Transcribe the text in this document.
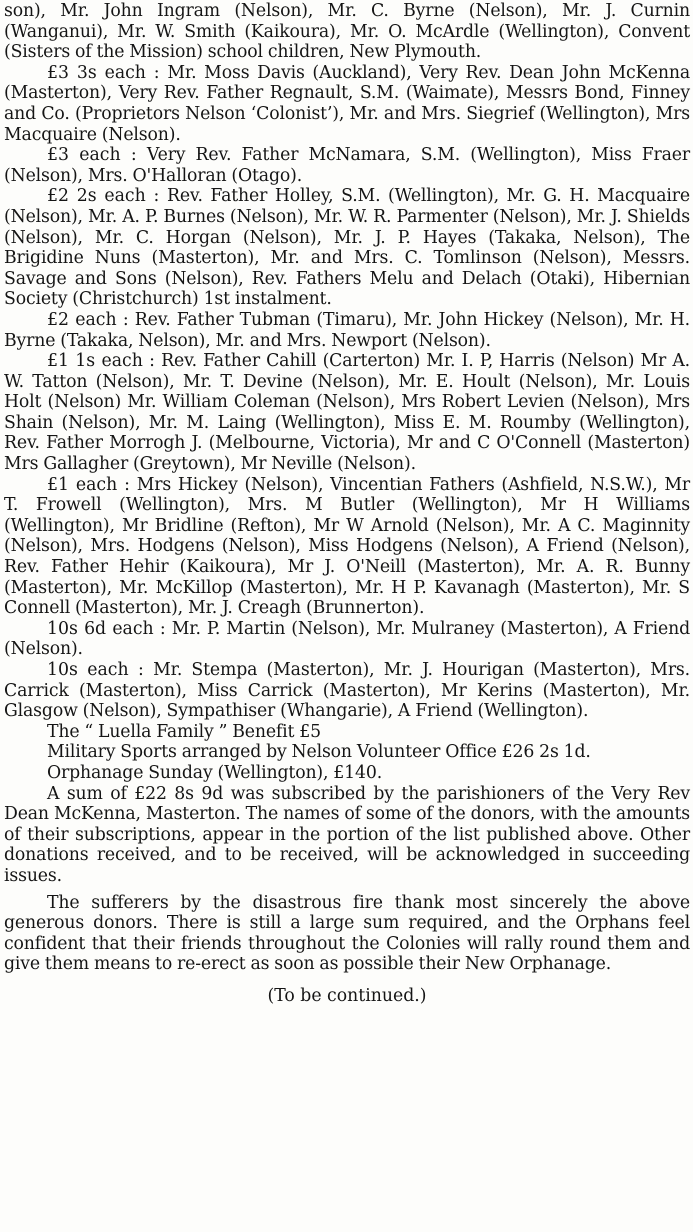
son), Mr. John Ingram (Nelson), Mr. C. Byrne (Nelson), Mr. J. Curnin (Wanganui), Mr. W. Smith (Kaikoura), Mr. O. McArdle (Wellington), Convent (Sisters of the Mission) school children, New Plymouth.

£3 3s each : Mr. Moss Davis (Auckland), Very Rev. Dean John McKenna (Masterton), Very Rev. Father Regnault, S.M. (Waimate), Messrs Bond, Finney and Co. (Proprietors Nelson ‘Colonist’), Mr. and Mrs. Siegrief (Wellington), Mrs Macquaire (Nelson).

£3 each : Very Rev. Father McNamara, S.M. (Wellington), Miss Fraer (Nelson), Mrs. O'Halloran (Otago).

£2 2s each : Rev. Father Holley, S.M. (Wellington), Mr. G. H. Macquaire (Nelson), Mr. A. P. Burnes (Nelson), Mr. W. R. Parmenter (Nelson), Mr. J. Shields (Nelson), Mr. C. Horgan (Nelson), Mr. J. P. Hayes (Takaka, Nelson), The Brigidine Nuns (Masterton), Mr. and Mrs. C. Tomlinson (Nelson), Messrs. Savage and Sons (Nelson), Rev. Fathers Melu and Delach (Otaki), Hibernian Society (Christchurch) 1st instalment.

£2 each : Rev. Father Tubman (Timaru), Mr. John Hickey (Nelson), Mr. H. Byrne (Takaka, Nelson), Mr. and Mrs. Newport (Nelson).

£1 1s each : Rev. Father Cahill (Carterton) Mr. I. P, Harris (Nelson) Mr A. W. Tatton (Nelson), Mr. T. Devine (Nelson), Mr. E. Hoult (Nelson), Mr. Louis Holt (Nelson) Mr. William Coleman (Nelson), Mrs Robert Levien (Nelson), Mrs Shain (Nelson), Mr. M. Laing (Wellington), Miss E. M. Roumby (Wellington), Rev. Father Morrogh J. (Melbourne, Victoria), Mr and C O'Connell (Masterton) Mrs Gallagher (Greytown), Mr Neville (Nelson).

£1 each : Mrs Hickey (Nelson), Vincentian Fathers (Ashfield, N.S.W.), Mr T. Frowell (Wellington), Mrs. M Butler (Wellington), Mr H Williams (Wellington), Mr Bridline (Refton), Mr W Arnold (Nelson), Mr. A C. Maginnity (Nelson), Mrs. Hodgens (Nelson), Miss Hodgens (Nelson), A Friend (Nelson), Rev. Father Hehir (Kaikoura), Mr J. O'Neill (Masterton), Mr. A. R. Bunny (Masterton), Mr. McKillop (Masterton), Mr. H P. Kavanagh (Masterton), Mr. S Connell (Masterton), Mr. J. Creagh (Brunnerton).

10s 6d each : Mr. P. Martin (Nelson), Mr. Mulraney (Masterton), A Friend (Nelson).

10s each : Mr. Stempa (Masterton), Mr. J. Hourigan (Masterton), Mrs. Carrick (Masterton), Miss Carrick (Masterton), Mr Kerins (Masterton), Mr. Glasgow (Nelson), Sympathiser (Whangarie), A Friend (Wellington).

The “ Luella Family ” Benefit £5

Military Sports arranged by Nelson Volunteer Office £26 2s 1d.

Orphanage Sunday (Wellington), £140.

A sum of £22 8s 9d was subscribed by the parishioners of the Very Rev Dean McKenna, Masterton. The names of some of the donors, with the amounts of their subscriptions, appear in the portion of the list published above. Other donations received, and to be received, will be acknowledged in succeeding issues.

The sufferers by the disastrous fire thank most sincerely the above generous donors. There is still a large sum required, and the Orphans feel confident that their friends throughout the Colonies will rally round them and give them means to re-erect as soon as possible their New Orphanage.

(To be continued.)
